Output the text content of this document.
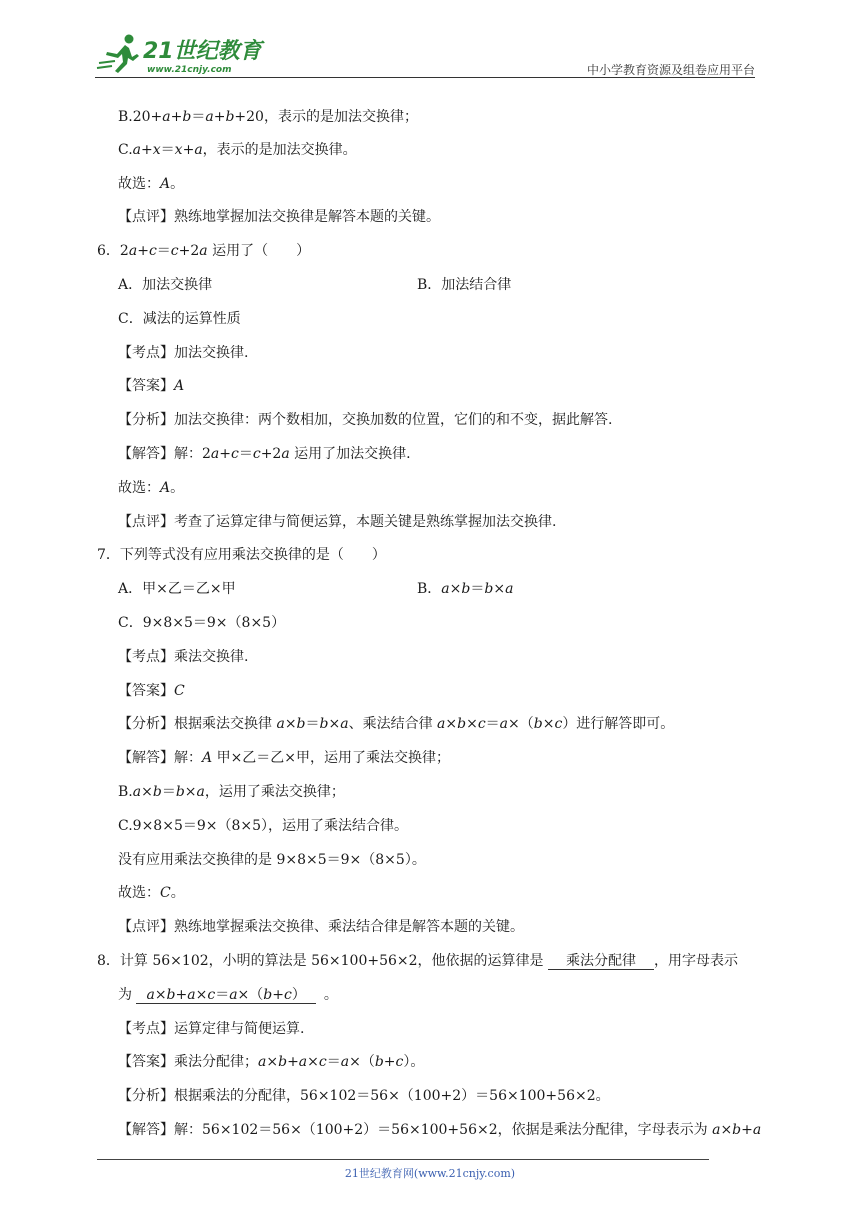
21世纪教育
www.21cnjy.com	中小学教育资源及组卷应用平台
B.20+a+b＝a+b+20，表示的是加法交换律；
C.a+x＝x+a，表示的是加法交换律。
故选：A。
【点评】熟练地掌握加法交换律是解答本题的关键。
6．2a+c＝c+2a 运用了（　　）
A．加法交换律	B．加法结合律
C．减法的运算性质
【考点】加法交换律.
【答案】A
【分析】加法交换律：两个数相加，交换加数的位置，它们的和不变，据此解答.
【解答】解：2a+c＝c+2a 运用了加法交换律.
故选：A。
【点评】考查了运算定律与简便运算，本题关键是熟练掌握加法交换律.
7．下列等式没有应用乘法交换律的是（　　）
A．甲×乙＝乙×甲	B．a×b＝b×a
C．9×8×5＝9×（8×5）
【考点】乘法交换律.
【答案】C
【分析】根据乘法交换律 a×b＝b×a、乘法结合律 a×b×c＝a×（b×c）进行解答即可。
【解答】解：A 甲×乙＝乙×甲，运用了乘法交换律；
B.a×b＝b×a，运用了乘法交换律；
C.9×8×5＝9×（8×5），运用了乘法结合律。
没有应用乘法交换律的是 9×8×5＝9×（8×5）。
故选：C。
【点评】熟练地掌握乘法交换律、乘法结合律是解答本题的关键。
8．计算 56×102，小明的算法是 56×100+56×2，他依据的运算律是 乘法分配律 ，用字母表示
为 a×b+a×c＝a×（b+c） 。
【考点】运算定律与简便运算.
【答案】乘法分配律；a×b+a×c＝a×（b+c）。
【分析】根据乘法的分配律，56×102＝56×（100+2）＝56×100+56×2。
【解答】解：56×102＝56×（100+2）＝56×100+56×2，依据是乘法分配律，字母表示为 a×b+a
21世纪教育网(www.21cnjy.com)
